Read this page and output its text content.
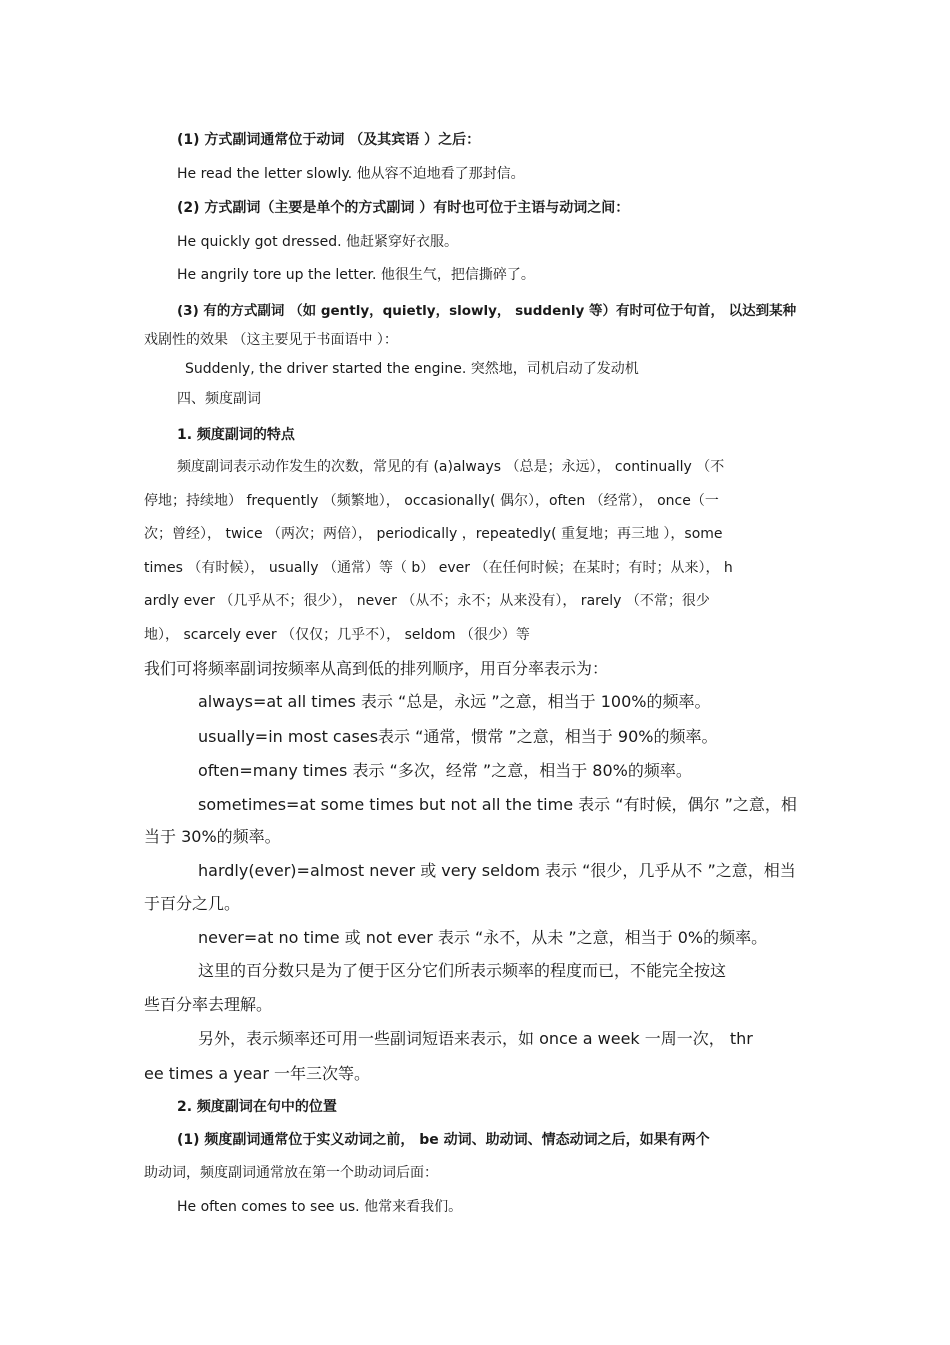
(1) 方式副词通常位于动词 （及其宾语 ）之后：

He read the letter slowly. 他从容不迫地看了那封信。

(2) 方式副词（主要是单个的方式副词 ）有时也可位于主语与动词之间：

He quickly got dressed. 他赶紧穿好衣服。

He angrily tore up the letter. 他很生气，把信撕碎了。

(3) 有的方式副词 （如 gently，quietly，slowly， suddenly 等）有时可位于句首， 以达到某种

戏剧性的效果 （这主要见于书面语中 ）：

Suddenly, the driver started the engine. 突然地，司机启动了发动机

四、频度副词

1. 频度副词的特点

频度副词表示动作发生的次数，常见的有 (a)always （总是；永远）， continually （不

停地；持续地） frequently （频繁地）， occasionally( 偶尔），often （经常）， once（一

次；曾经）， twice （两次；两倍）， periodically ，repeatedly( 重复地；再三地 ），some

times （有时候）， usually （通常）等（ b） ever （在任何时候；在某时；有时；从来）， h

ardly ever （几乎从不；很少）， never （从不；永不；从来没有）， rarely （不常；很少

地）， scarcely ever （仅仅；几乎不）， seldom （很少）等

我们可将频率副词按频率从高到低的排列顺序，用百分率表示为：

always=at all times 表示 “总是，永远 ”之意，相当于 100%的频率。

usually=in most cases表示 “通常，惯常 ”之意，相当于 90%的频率。

often=many times 表示 “多次，经常 ”之意，相当于 80%的频率。

sometimes=at some times but not all the time 表示 “有时候，偶尔 ”之意，相

当于 30%的频率。

hardly(ever)=almost never 或 very seldom 表示 “很少，几乎从不 ”之意，相当

于百分之几。

never=at no time 或 not ever 表示 “永不，从未 ”之意，相当于 0%的频率。

这里的百分数只是为了便于区分它们所表示频率的程度而已，不能完全按这

些百分率去理解。

另外，表示频率还可用一些副词短语来表示，如 once a week 一周一次， thr

ee times a year 一年三次等。

2. 频度副词在句中的位置

(1) 频度副词通常位于实义动词之前， be 动词、助动词、情态动词之后，如果有两个

助动词，频度副词通常放在第一个助动词后面：

He often comes to see us. 他常来看我们。
